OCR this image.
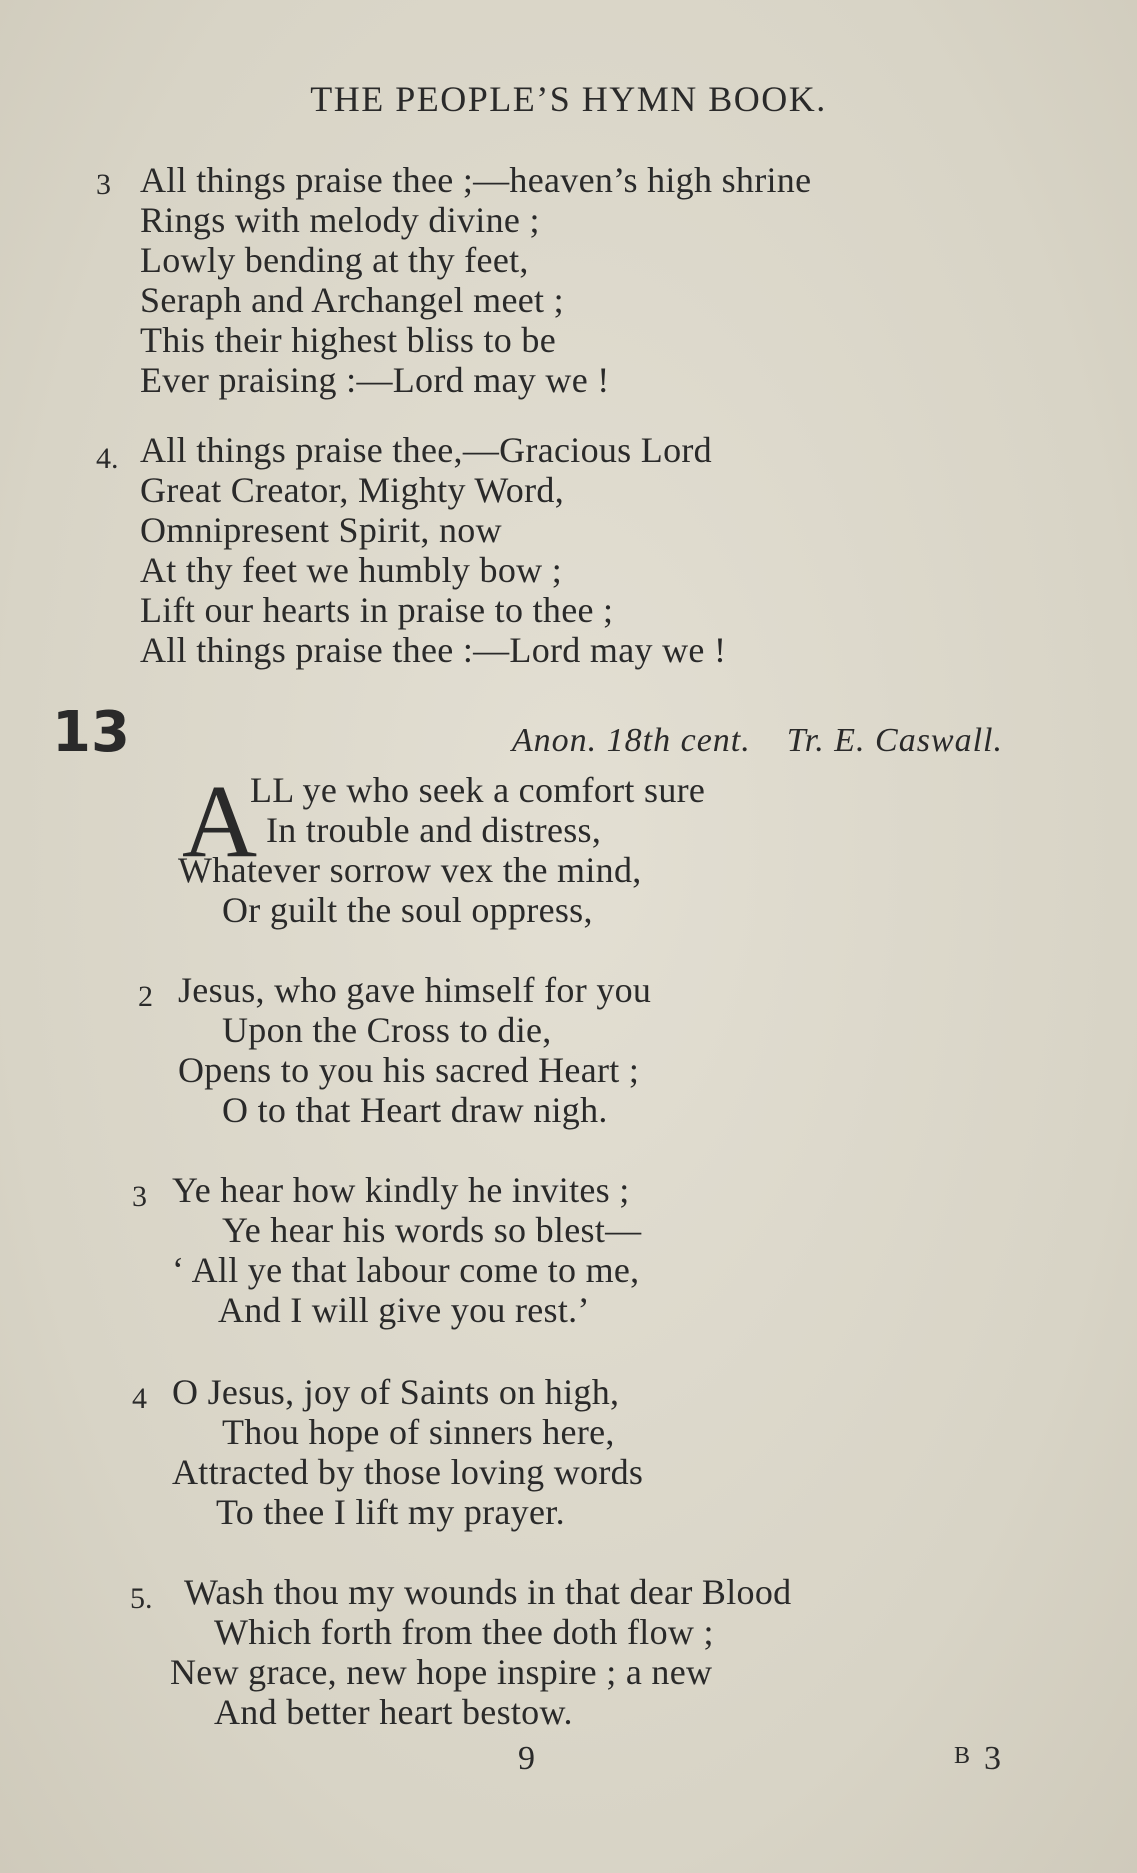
THE PEOPLE’S HYMN BOOK.
3 All things praise thee ;—heaven’s high shrine
Rings with melody divine ;
Lowly bending at thy feet,
Seraph and Archangel meet ;
This their highest bliss to be
Ever praising :—Lord may we !
4. All things praise thee,—Gracious Lord
Great Creator, Mighty Word,
Omnipresent Spirit, now
At thy feet we humbly bow ;
Lift our hearts in praise to thee ;
All things praise thee :—Lord may we !
13	Anon. 18th cent. Tr. E. Caswall.
A
LL ye who seek a comfort sure
In trouble and distress,
Whatever sorrow vex the mind,
Or guilt the soul oppress,
2 Jesus, who gave himself for you
Upon the Cross to die,
Opens to you his sacred Heart ;
O to that Heart draw nigh.
3 Ye hear how kindly he invites ;
Ye hear his words so blest—
‘ All ye that labour come to me,
And I will give you rest.’
4 O Jesus, joy of Saints on high,
Thou hope of sinners here,
Attracted by those loving words
To thee I lift my prayer.
5. Wash thou my wounds in that dear Blood
Which forth from thee doth flow ;
New grace, new hope inspire ; a new
And better heart bestow.
9	B 3
